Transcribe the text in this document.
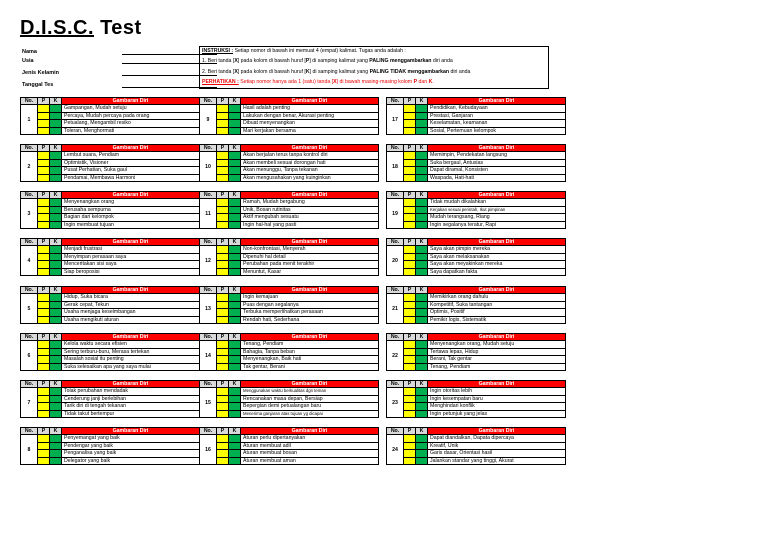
D.I.S.C. Test
Nama
Usia
Jenis Kelamin
Tanggal Tes
INSTRUKSI : Setiap nomor di bawah ini memuat 4 (empat) kalimat. Tugas anda adalah :
1. Beri tanda [X] pada kolom di bawah huruf [P] di samping kalimat yang PALING menggambarkan diri anda
2. Beri tanda [X] pada kolom di bawah huruf [K] di samping kalimat yang PALING TIDAK menggambarkan diri anda
PERHATIKAN : Setiap nomor hanya ada 1 (satu) tanda [X] di bawah masing-masing kolom P dan K.
No.	P	K	Gambaran Diri
1			Gampangan, Mudah setuju
			Percaya, Mudah percaya pada orang
			Petualang, Mengambil resiko
			Toleran, Menghormati
No.	P	K	Gambaran Diri
2			Lembut suara, Pendiam
			Optimistik, Visioner
			Pusat Perhatian, Suka gaul
			Pendamai, Membawa Harmoni
No.	P	K	Gambaran Diri
3			Menyenangkan orang
			Berusaha sempurna
			Bagian dari kelompok
			Ingin membuat tujuan
No.	P	K	Gambaran Diri
4			Menjadi frustrasi
			Menyimpan perasaan saya
			Menceritakan sisi saya
			Siap beroposisi
No.	P	K	Gambaran Diri
5			Hidup, Suka bicara
			Gerak cepat, Tekun
			Usaha menjaga keseimbangan
			Usaha mengikuti aturan
No.	P	K	Gambaran Diri
6			Kelola waktu secara efisien
			Sering terburu-buru, Merasa tertekan
			Masalah sosial itu penting
			Suka selesaikan apa yang saya mulai
No.	P	K	Gambaran Diri
7			Tolak perubahan mendadak
			Cenderung janji berlebihan
			Tarik diri di tengah tekanan
			Tidak takut bertempur
No.	P	K	Gambaran Diri
8			Penyemangat yang baik
			Pendengar yang baik
			Penganalisa yang baik
			Delegator yang baik
No.	P	K	Gambaran Diri
9			Hasil adalah penting
			Lakukan dengan benar, Akurasi penting
			Dibuat menyenangkan
			Mari kerjakan bersama
No.	P	K	Gambaran Diri
10			Akan berjalan terus tanpa kontrol diri
			Akan membeli sesuai dorongan hati
			Akan menunggu, Tanpa tekanan
			Akan mengusahakan yang kuinginkan
No.	P	K	Gambaran Diri
11			Ramah, Mudah bergabung
			Unik, Bosan rutinitas
			Aktif mengubah sesuatu
			Ingin hal-hal yang pasti
No.	P	K	Gambaran Diri
12			Non-konfrontasi, Menyerah
			Dipenuhi hal detail
			Perubahan pada menit terakhir
			Menuntut, Kasar
No.	P	K	Gambaran Diri
13			Ingin kemajuan
			Puas dengan segalanya
			Terbuka memperlihatkan perasaan
			Rendah hati, Sederhana
No.	P	K	Gambaran Diri
14			Tenang, Pendiam
			Bahagia, Tanpa beban
			Menyenangkan, Baik hati
			Tak gentar, Berani
No.	P	K	Gambaran Diri
15			Menggunakan waktu berkualitas dgn teman
			Rencanakan masa depan, Bersiap
			Bepergian demi petualangan baru
			Menerima ganjaran atas tujuan yg dicapai
No.	P	K	Gambaran Diri
16			Aturan perlu dipertanyakan
			Aturan membuat adil
			Aturan membuat bosan
			Aturan membuat aman
No.	P	K	Gambaran Diri
17			Pendidikan, Kebudayaan
			Prestasi, Ganjaran
			Keselamatan, keamanan
			Sosial, Pertemuan kelompok
No.	P	K	Gambaran Diri
18			Memimpin, Pendekatan langsung
			Suka bergaul, Antusias
			Dapat diramal, Konsisten
			Waspada, Hati-hati
No.	P	K	Gambaran Diri
19			Tidak mudah dikalahkan
			Kerjakan sesuai perintah, Ikut pimpinan
			Mudah terangsang, Riang
			Ingin segalanya teratur, Rapi
No.	P	K	Gambaran Diri
20			Saya akan pimpin mereka
			Saya akan melaksanakan
			Saya akan meyakinkan mereka
			Saya dapatkan fakta
No.	P	K	Gambaran Diri
21			Memikirkan orang dahulu
			Kompetitif, Suka tantangan
			Optimis, Positif
			Pemikir logis, Sistematik
No.	P	K	Gambaran Diri
22			Menyenangkan orang, Mudah setuju
			Tertawa lepas, Hidup
			Berani, Tak gentar
			Tenang, Pendiam
No.	P	K	Gambaran Diri
23			Ingin otoritas lebih
			Ingin kesempatan baru
			Menghindari konflik
			Ingin petunjuk yang jelas
No.	P	K	Gambaran Diri
24			Dapat diandalkan, Dapata dipercaya
			Kreatif, Unik
			Garis dasar, Orientasi hasil
			Jalankan standar yang tinggi, Akurat
